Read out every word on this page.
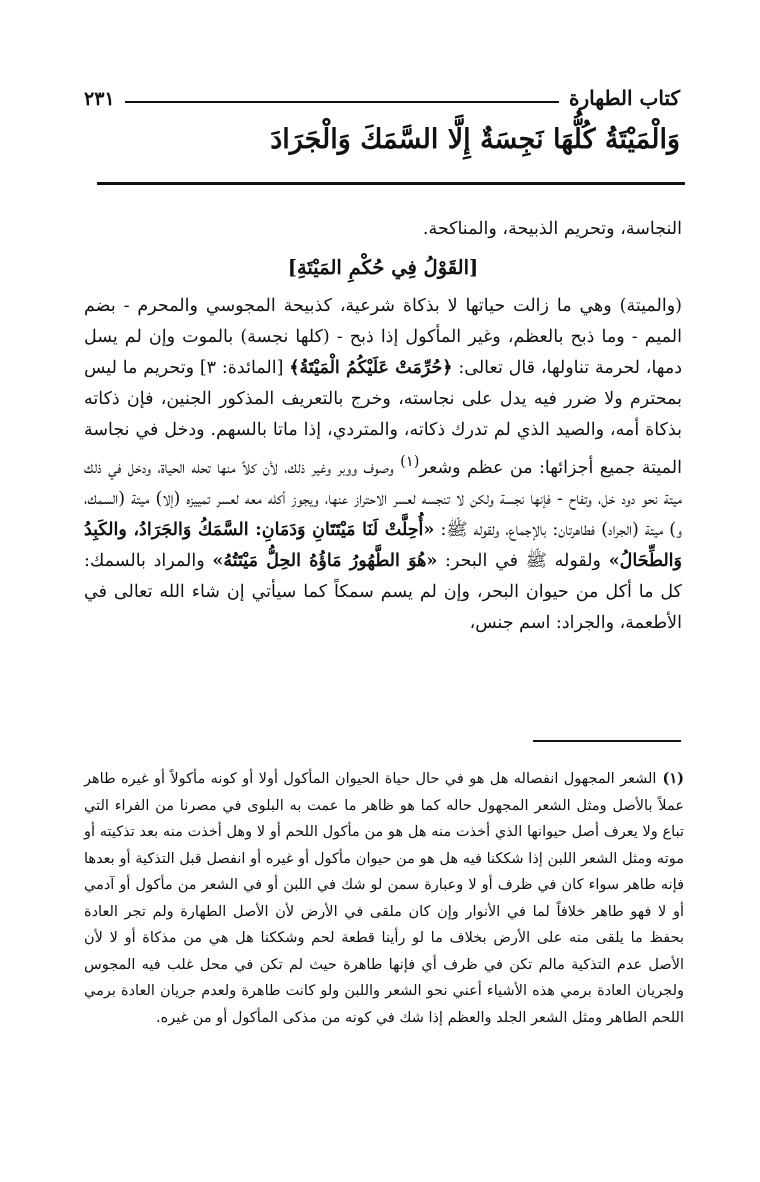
كتاب الطهارة
٢٣١
وَالْمَيْتَةُ كُلُّهَا نَجِسَةٌ إِلَّا السَّمَكَ وَالْجَرَادَ

النجاسة، وتحريم الذبيحة، والمناكحة.

[القَوْلُ فِي حُكْمِ المَيْتَةِ]

(والميتة) وهي ما زالت حياتها لا بذكاة شرعية، كذبيحة المجوسي والمحرم - بضم الميم - وما ذبح بالعظم، وغير المأكول إذا ذبح - (كلها نجسة) بالموت وإن لم يسل دمها، لحرمة تناولها، قال تعالى: ﴿حُرِّمَتْ عَلَيْكُمُ الْمَيْتَةُ﴾ [المائدة: ٣] وتحريم ما ليس بمحترم ولا ضرر فيه يدل على نجاسته، وخرج بالتعريف المذكور الجنين، فإن ذكاته بذكاة أمه، والصيد الذي لم تدرك ذكاته، والمتردي، إذا ماتا بالسهم. ودخل في نجاسة الميتة جميع أجزائها: من عظم وشعر$^{(١)}$ وصوف ووبر وغير ذلك، لأن كلاً منها تحله الحياة، ودخل في ذلك ميتة نحو دود خل، وتفاح - فإنها نجسة ولكن لا تنجسه لعسر الاحتراز عنها، ويجوز أكله معه لعسر تمييزه (إلا) ميتة (السمك، و) ميتة (الجراد) فطاهرتان: بالإجماع، ولقوله ﷺ: «أُحِلَّتْ لَنَا مَيْتَتَانِ وَدَمَانِ: السَّمَكُ وَالجَرَادُ، والكَبِدُ وَالطِّحَالُ» ولقوله ﷺ في البحر: «هُوَ الطَّهُورُ مَاؤُهُ الحِلُّ مَيْتَتُهُ» والمراد بالسمك: كل ما أكل من حيوان البحر، وإن لم يسم سمكاً كما سيأتي إن شاء الله تعالى في الأطعمة، والجراد: اسم جنس،

(١)الشعر المجهول انفصاله هل هو في حال حياة الحيوان المأكول أولا أو كونه مأكولاً أو غيره طاهر عملاً بالأصل ومثل الشعر المجهول حاله كما هو ظاهر ما عمت به البلوى في مصرنا من الفراء التي تباع ولا يعرف أصل حيوانها الذي أخذت منه هل هو من مأكول اللحم أو لا وهل أخذت منه بعد تذكيته أو موته ومثل الشعر اللبن إذا شككنا فيه هل هو من حيوان مأكول أو غيره أو انفصل قبل التذكية أو بعدها فإنه طاهر سواء كان في ظرف أو لا وعبارة سمن لو شك في اللبن أو في الشعر من مأكول أو آدمي أو لا فهو طاهر خلافاً لما في الأنوار وإن كان ملقى في الأرض لأن الأصل الطهارة ولم تجر العادة بحفظ ما يلقى منه على الأرض بخلاف ما لو رأينا قطعة لحم وشككنا هل هي من مذكاة أو لا لأن الأصل عدم التذكية مالم تكن في ظرف أي فإنها طاهرة حيث لم تكن في محل غلب فيه المجوس ولجريان العادة برمي هذه الأشياء أعني نحو الشعر واللبن ولو كانت طاهرة ولعدم جريان العادة برمي اللحم الطاهر ومثل الشعر الجلد والعظم إذا شك في كونه من مذكى المأكول أو من غيره.
